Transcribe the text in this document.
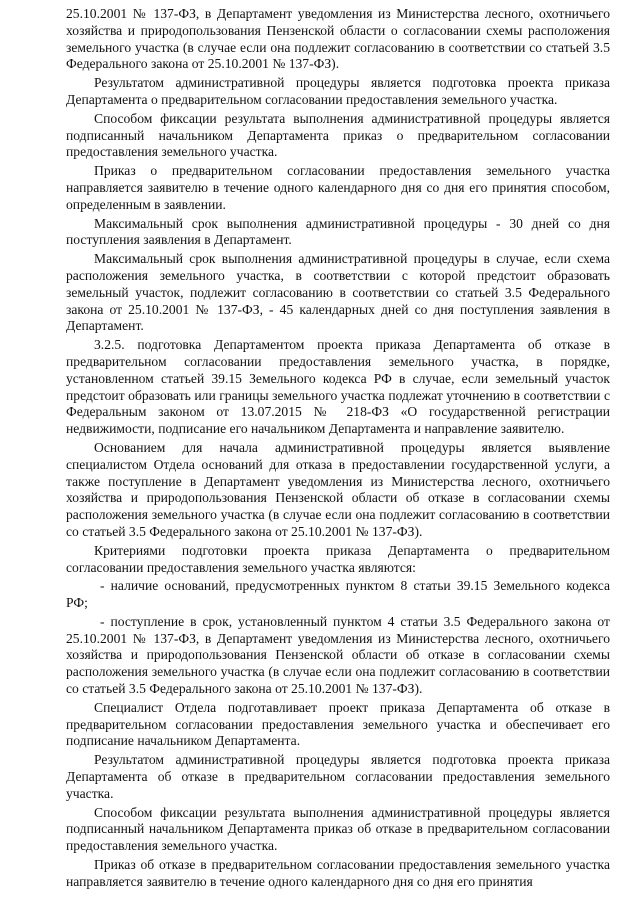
25.10.2001 № 137-ФЗ, в Департамент уведомления из Министерства лесного, охотничьего хозяйства и природопользования Пензенской области о согласовании схемы расположения земельного участка (в случае если она подлежит согласованию в соответствии со статьей 3.5 Федерального закона от 25.10.2001 № 137-ФЗ).

Результатом административной процедуры является подготовка проекта приказа Департамента о предварительном согласовании предоставления земельного участка.

Способом фиксации результата выполнения административной процедуры является подписанный начальником Департамента приказ о предварительном согласовании предоставления земельного участка.

Приказ о предварительном согласовании предоставления земельного участка направляется заявителю в течение одного календарного дня со дня его принятия способом, определенным в заявлении.

Максимальный срок выполнения административной процедуры - 30 дней со дня поступления заявления в Департамент.

Максимальный срок выполнения административной процедуры в случае, если схема расположения земельного участка, в соответствии с которой предстоит образовать земельный участок, подлежит согласованию в соответствии со статьей 3.5 Федерального закона от 25.10.2001 № 137-ФЗ, - 45 календарных дней со дня поступления заявления в Департамент.

3.2.5. подготовка Департаментом проекта приказа Департамента об отказе в предварительном согласовании предоставления земельного участка, в порядке, установленном статьей 39.15 Земельного кодекса РФ в случае, если земельный участок предстоит образовать или границы земельного участка подлежат уточнению в соответствии с Федеральным законом от 13.07.2015 № 218-ФЗ «О государственной регистрации недвижимости, подписание его начальником Департамента и направление заявителю.

Основанием для начала административной процедуры является выявление специалистом Отдела оснований для отказа в предоставлении государственной услуги, а также поступление в Департамент уведомления из Министерства лесного, охотничьего хозяйства и природопользования Пензенской области об отказе в согласовании схемы расположения земельного участка (в случае если она подлежит согласованию в соответствии со статьей 3.5 Федерального закона от 25.10.2001 № 137-ФЗ).

Критериями подготовки проекта приказа Департамента о предварительном согласовании предоставления земельного участка являются:

- наличие оснований, предусмотренных пунктом 8 статьи 39.15 Земельного кодекса РФ;

- поступление в срок, установленный пунктом 4 статьи 3.5 Федерального закона от 25.10.2001 № 137-ФЗ, в Департамент уведомления из Министерства лесного, охотничьего хозяйства и природопользования Пензенской области об отказе в согласовании схемы расположения земельного участка (в случае если она подлежит согласованию в соответствии со статьей 3.5 Федерального закона от 25.10.2001 № 137-ФЗ).

Специалист Отдела подготавливает проект приказа Департамента об отказе в предварительном согласовании предоставления земельного участка и обеспечивает его подписание начальником Департамента.

Результатом административной процедуры является подготовка проекта приказа Департамента об отказе в предварительном согласовании предоставления земельного участка.

Способом фиксации результата выполнения административной процедуры является подписанный начальником Департамента приказ об отказе в предварительном согласовании предоставления земельного участка.

Приказ об отказе в предварительном согласовании предоставления земельного участка направляется заявителю в течение одного календарного дня со дня его принятия
